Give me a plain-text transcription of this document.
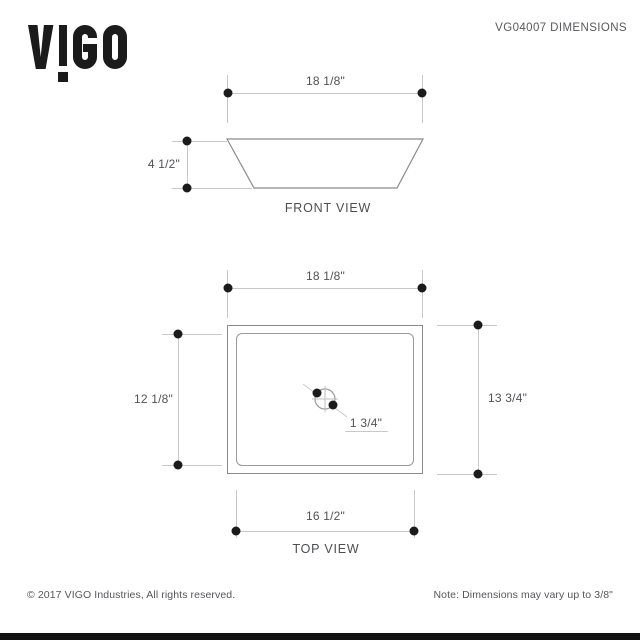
VG04007 DIMENSIONS
18 1/8"
4 1/2"
FRONT VIEW
18 1/8"
1 3/4"
12 1/8"	13 3/4"
16 1/2"
TOP VIEW
© 2017 VIGO Industries, All rights reserved.	Note: Dimensions may vary up to 3/8"
